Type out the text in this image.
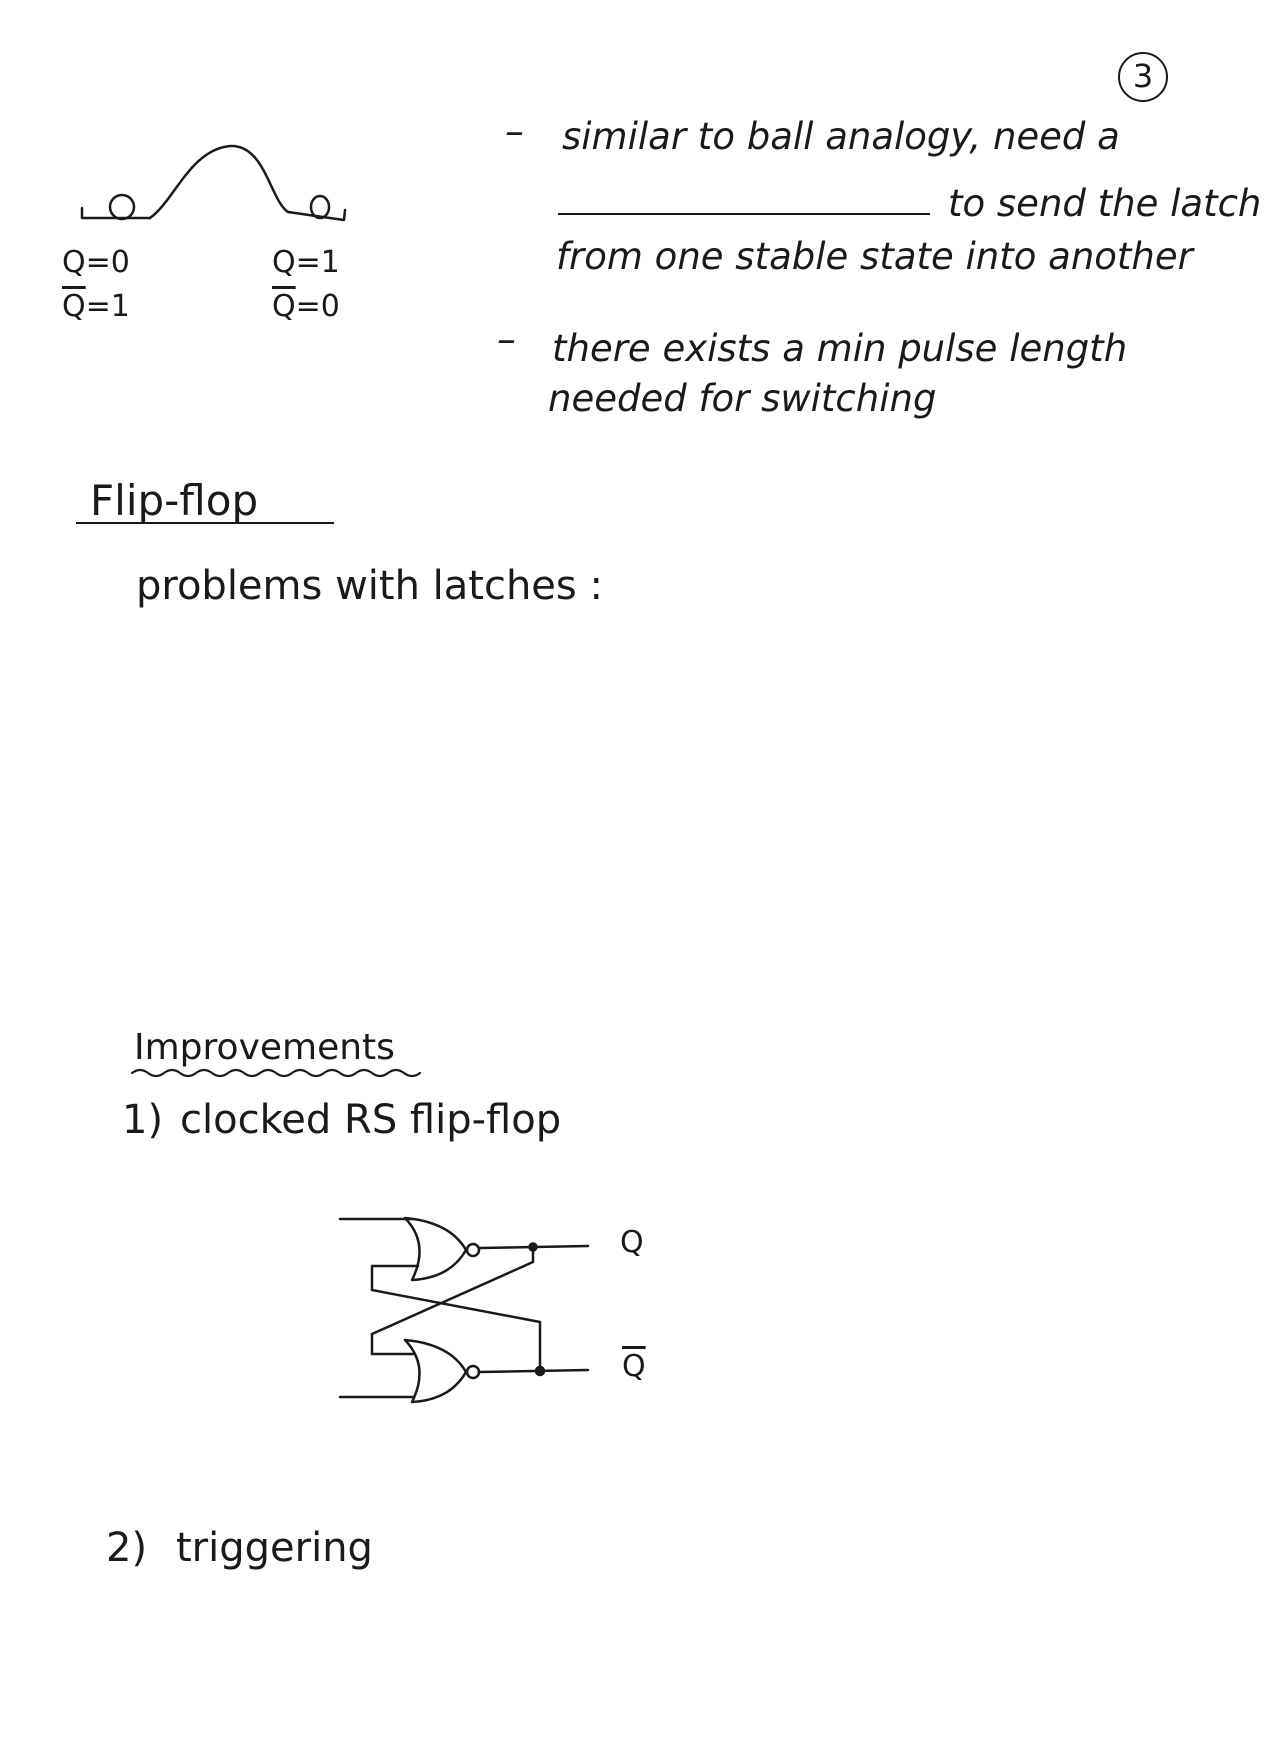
3
Q=0
$\overline{Q}=1$
Q=1
$\overline{Q}=0$
– similar to ball analogy, need a
to send the latch
from one stable state into another
– there exists a min pulse length
needed for switching
Flip-flop
problems with latches :
Improvements
1) clocked RS flip-flop
Q
$\overline{Q}$
2) triggering
